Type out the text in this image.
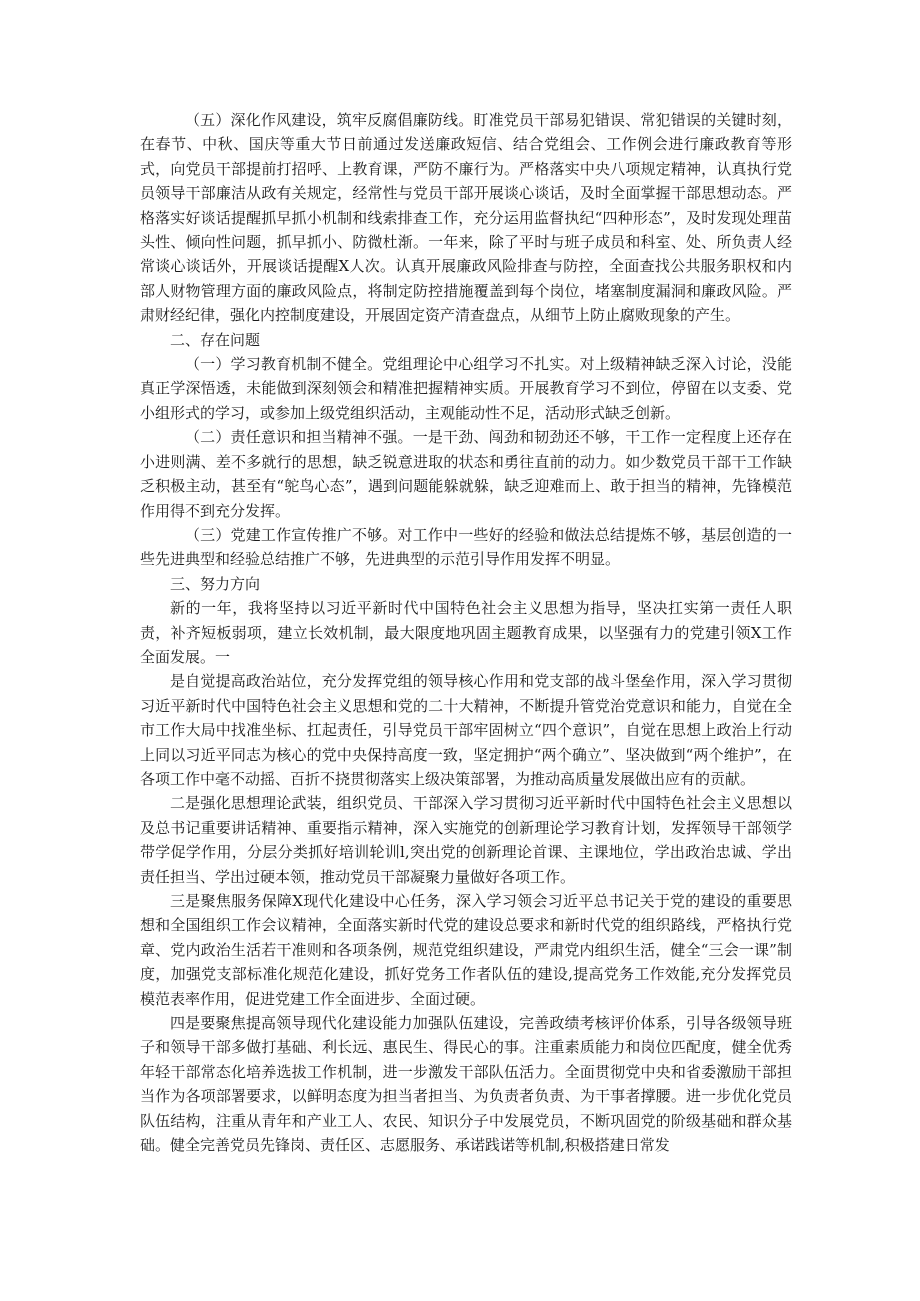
（五）深化作风建设，筑牢反腐倡廉防线。盯准党员干部易犯错误、常犯错误的关键时刻，在春节、中秋、国庆等重大节日前通过发送廉政短信、结合党组会、工作例会进行廉政教育等形式，向党员干部提前打招呼、上教育课，严防不廉行为。严格落实中央八项规定精神，认真执行党员领导干部廉洁从政有关规定，经常性与党员干部开展谈心谈话，及时全面掌握干部思想动态。严格落实好谈话提醒抓早抓小机制和线索排查工作，充分运用监督执纪“四种形态”，及时发现处理苗头性、倾向性问题，抓早抓小、防微杜渐。一年来，除了平时与班子成员和科室、处、所负责人经常谈心谈话外，开展谈话提醒X人次。认真开展廉政风险排查与防控，全面查找公共服务职权和内部人财物管理方面的廉政风险点，将制定防控措施覆盖到每个岗位，堵塞制度漏洞和廉政风险。严肃财经纪律，强化内控制度建设，开展固定资产清查盘点，从细节上防止腐败现象的产生。

二、存在问题

（一）学习教育机制不健全。党组理论中心组学习不扎实。对上级精神缺乏深入讨论，没能真正学深悟透，未能做到深刻领会和精准把握精神实质。开展教育学习不到位，停留在以支委、党小组形式的学习，或参加上级党组织活动，主观能动性不足，活动形式缺乏创新。

（二）责任意识和担当精神不强。一是干劲、闯劲和韧劲还不够，干工作一定程度上还存在小进则满、差不多就行的思想，缺乏锐意进取的状态和勇往直前的动力。如少数党员干部干工作缺乏积极主动，甚至有“鸵鸟心态”，遇到问题能躲就躲，缺乏迎难而上、敢于担当的精神，先锋模范作用得不到充分发挥。

（三）党建工作宣传推广不够。对工作中一些好的经验和做法总结提炼不够，基层创造的一些先进典型和经验总结推广不够，先进典型的示范引导作用发挥不明显。

三、努力方向

新的一年，我将坚持以习近平新时代中国特色社会主义思想为指导，坚决扛实第一责任人职责，补齐短板弱项，建立长效机制，最大限度地巩固主题教育成果，以坚强有力的党建引领X工作全面发展。一

是自觉提高政治站位，充分发挥党组的领导核心作用和党支部的战斗堡垒作用，深入学习贯彻习近平新时代中国特色社会主义思想和党的二十大精神，不断提升管党治党意识和能力，自觉在全市工作大局中找准坐标、扛起责任，引导党员干部牢固树立“四个意识”，自觉在思想上政治上行动上同以习近平同志为核心的党中央保持高度一致，坚定拥护“两个确立”、坚决做到“两个维护”，在各项工作中毫不动摇、百折不挠贯彻落实上级决策部署，为推动高质量发展做出应有的贡献。

二是强化思想理论武装，组织党员、干部深入学习贯彻习近平新时代中国特色社会主义思想以及总书记重要讲话精神、重要指示精神，深入实施党的创新理论学习教育计划，发挥领导干部领学带学促学作用，分层分类抓好培训轮训l,突出党的创新理论首课、主课地位，学出政治忠诚、学出责任担当、学出过硬本领，推动党员干部凝聚力量做好各项工作。

三是聚焦服务保障X现代化建设中心任务，深入学习领会习近平总书记关于党的建设的重要思想和全国组织工作会议精神，全面落实新时代党的建设总要求和新时代党的组织路线，严格执行党章、党内政治生活若干准则和各项条例，规范党组织建设，严肃党内组织生活，健全“三会一课”制度，加强党支部标准化规范化建设，抓好党务工作者队伍的建设,提高党务工作效能,充分发挥党员模范表率作用，促进党建工作全面进步、全面过硬。

四是要聚焦提高领导现代化建设能力加强队伍建设，完善政绩考核评价体系，引导各级领导班子和领导干部多做打基础、利长远、惠民生、得民心的事。注重素质能力和岗位匹配度，健全优秀年轻干部常态化培养选拔工作机制，进一步激发干部队伍活力。全面贯彻党中央和省委激励干部担当作为各项部署要求，以鲜明态度为担当者担当、为负责者负责、为干事者撑腰。进一步优化党员队伍结构，注重从青年和产业工人、农民、知识分子中发展党员，不断巩固党的阶级基础和群众基础。健全完善党员先锋岗、责任区、志愿服务、承诺践诺等机制,积极搭建日常发
